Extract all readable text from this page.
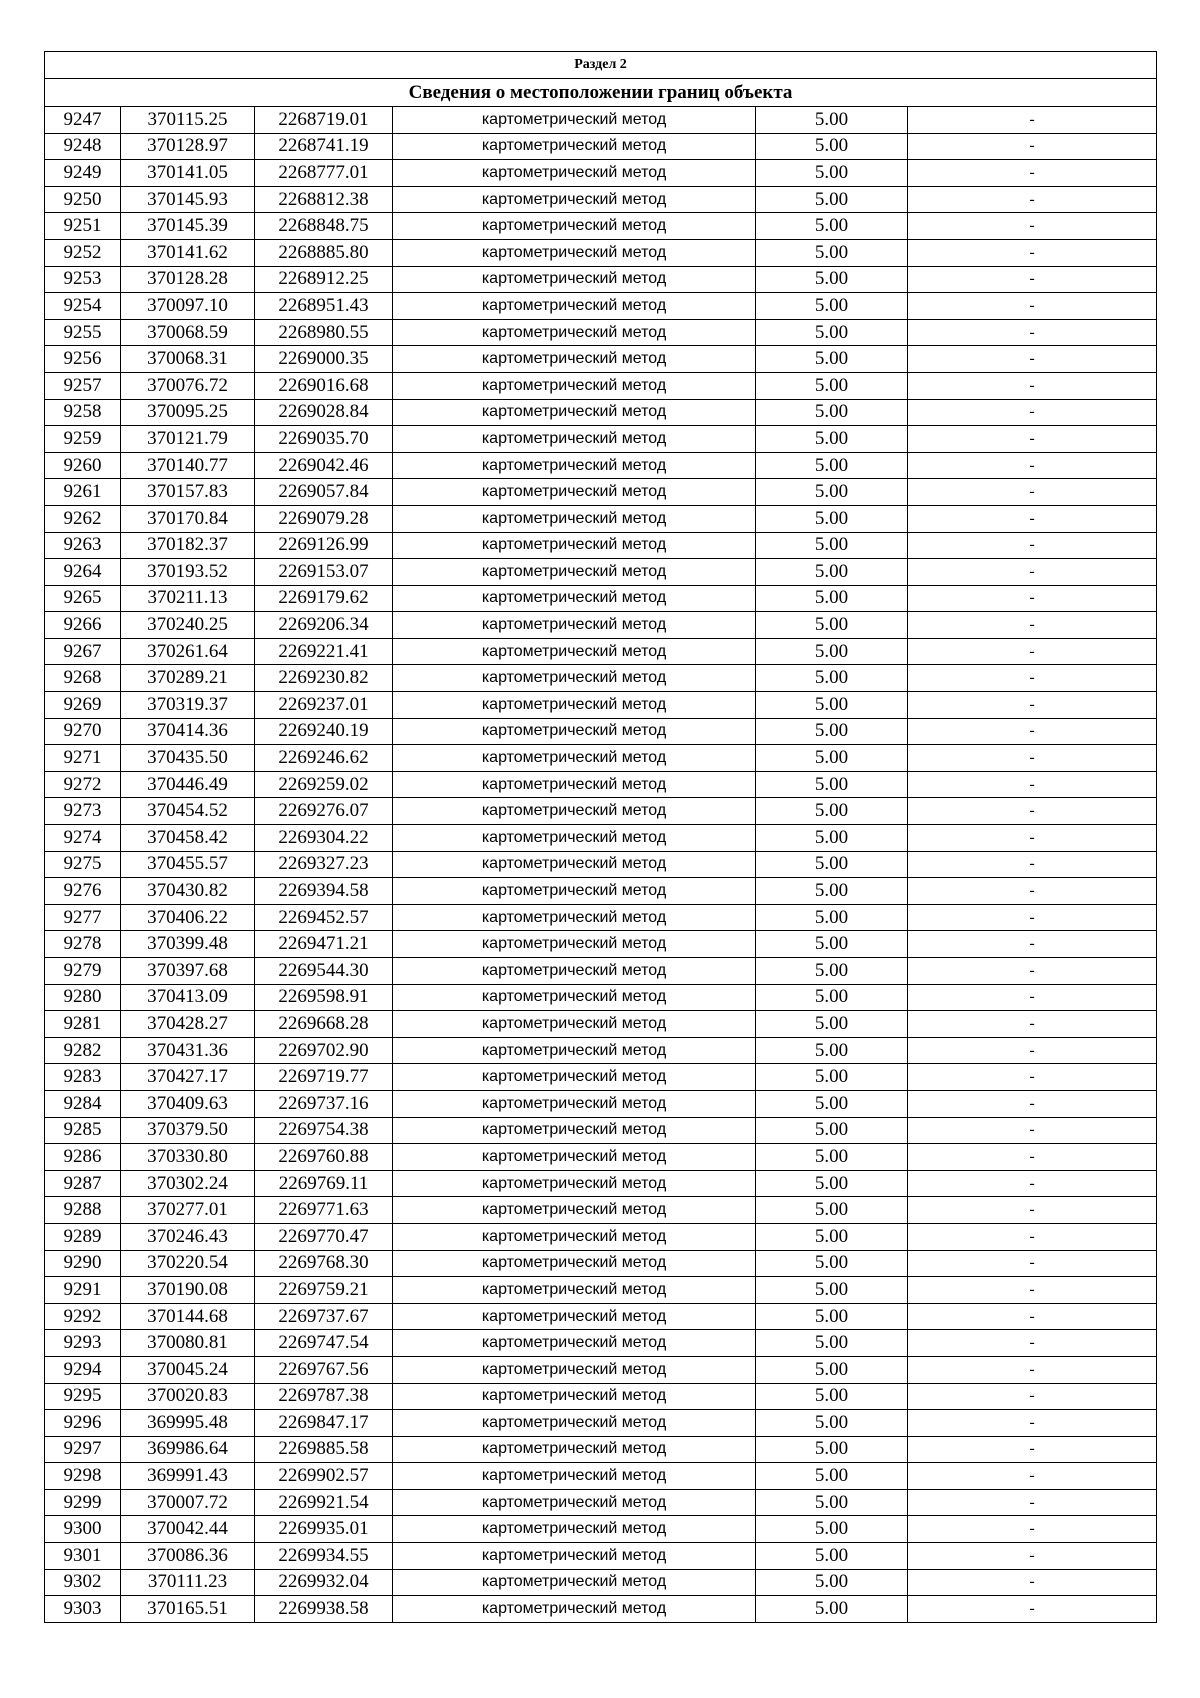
Раздел 2					
Сведения о местоположении границ объекта					
9247	370115.25	2268719.01	картометрический метод	5.00	-
9248	370128.97	2268741.19	картометрический метод	5.00	-
9249	370141.05	2268777.01	картометрический метод	5.00	-
9250	370145.93	2268812.38	картометрический метод	5.00	-
9251	370145.39	2268848.75	картометрический метод	5.00	-
9252	370141.62	2268885.80	картометрический метод	5.00	-
9253	370128.28	2268912.25	картометрический метод	5.00	-
9254	370097.10	2268951.43	картометрический метод	5.00	-
9255	370068.59	2268980.55	картометрический метод	5.00	-
9256	370068.31	2269000.35	картометрический метод	5.00	-
9257	370076.72	2269016.68	картометрический метод	5.00	-
9258	370095.25	2269028.84	картометрический метод	5.00	-
9259	370121.79	2269035.70	картометрический метод	5.00	-
9260	370140.77	2269042.46	картометрический метод	5.00	-
9261	370157.83	2269057.84	картометрический метод	5.00	-
9262	370170.84	2269079.28	картометрический метод	5.00	-
9263	370182.37	2269126.99	картометрический метод	5.00	-
9264	370193.52	2269153.07	картометрический метод	5.00	-
9265	370211.13	2269179.62	картометрический метод	5.00	-
9266	370240.25	2269206.34	картометрический метод	5.00	-
9267	370261.64	2269221.41	картометрический метод	5.00	-
9268	370289.21	2269230.82	картометрический метод	5.00	-
9269	370319.37	2269237.01	картометрический метод	5.00	-
9270	370414.36	2269240.19	картометрический метод	5.00	-
9271	370435.50	2269246.62	картометрический метод	5.00	-
9272	370446.49	2269259.02	картометрический метод	5.00	-
9273	370454.52	2269276.07	картометрический метод	5.00	-
9274	370458.42	2269304.22	картометрический метод	5.00	-
9275	370455.57	2269327.23	картометрический метод	5.00	-
9276	370430.82	2269394.58	картометрический метод	5.00	-
9277	370406.22	2269452.57	картометрический метод	5.00	-
9278	370399.48	2269471.21	картометрический метод	5.00	-
9279	370397.68	2269544.30	картометрический метод	5.00	-
9280	370413.09	2269598.91	картометрический метод	5.00	-
9281	370428.27	2269668.28	картометрический метод	5.00	-
9282	370431.36	2269702.90	картометрический метод	5.00	-
9283	370427.17	2269719.77	картометрический метод	5.00	-
9284	370409.63	2269737.16	картометрический метод	5.00	-
9285	370379.50	2269754.38	картометрический метод	5.00	-
9286	370330.80	2269760.88	картометрический метод	5.00	-
9287	370302.24	2269769.11	картометрический метод	5.00	-
9288	370277.01	2269771.63	картометрический метод	5.00	-
9289	370246.43	2269770.47	картометрический метод	5.00	-
9290	370220.54	2269768.30	картометрический метод	5.00	-
9291	370190.08	2269759.21	картометрический метод	5.00	-
9292	370144.68	2269737.67	картометрический метод	5.00	-
9293	370080.81	2269747.54	картометрический метод	5.00	-
9294	370045.24	2269767.56	картометрический метод	5.00	-
9295	370020.83	2269787.38	картометрический метод	5.00	-
9296	369995.48	2269847.17	картометрический метод	5.00	-
9297	369986.64	2269885.58	картометрический метод	5.00	-
9298	369991.43	2269902.57	картометрический метод	5.00	-
9299	370007.72	2269921.54	картометрический метод	5.00	-
9300	370042.44	2269935.01	картометрический метод	5.00	-
9301	370086.36	2269934.55	картометрический метод	5.00	-
9302	370111.23	2269932.04	картометрический метод	5.00	-
9303	370165.51	2269938.58	картометрический метод	5.00	-
